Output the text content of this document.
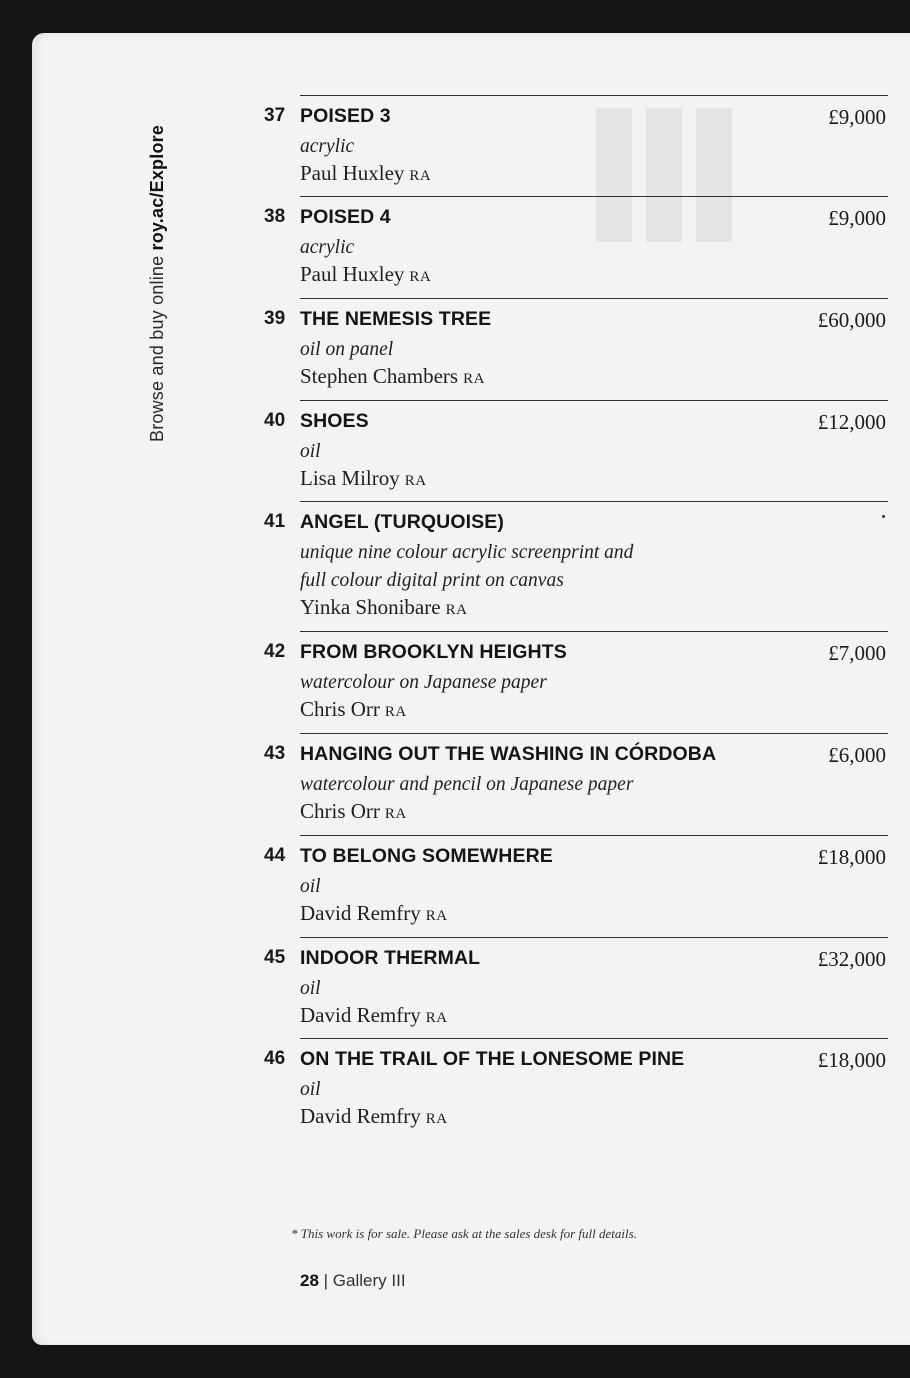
Browse and buy online roy.ac/Explore
37 POISED 3	£9,000
acrylic
Paul Huxley RA
38 POISED 4	£9,000
acrylic
Paul Huxley RA
39 THE NEMESIS TREE	£60,000
oil on panel
Stephen Chambers RA
40 SHOES	£12,000
oil
Lisa Milroy RA
41 ANGEL (TURQUOISE)
unique nine colour acrylic screenprint and full colour digital print on canvas
Yinka Shonibare RA
42 FROM BROOKLYN HEIGHTS	£7,000
watercolour on Japanese paper
Chris Orr RA
43 HANGING OUT THE WASHING IN CÓRDOBA	£6,000
watercolour and pencil on Japanese paper
Chris Orr RA
44 TO BELONG SOMEWHERE	£18,000
oil
David Remfry RA
45 INDOOR THERMAL	£32,000
oil
David Remfry RA
46 ON THE TRAIL OF THE LONESOME PINE	£18,000
oil
David Remfry RA
* This work is for sale. Please ask at the sales desk for full details.
28 | Gallery III
